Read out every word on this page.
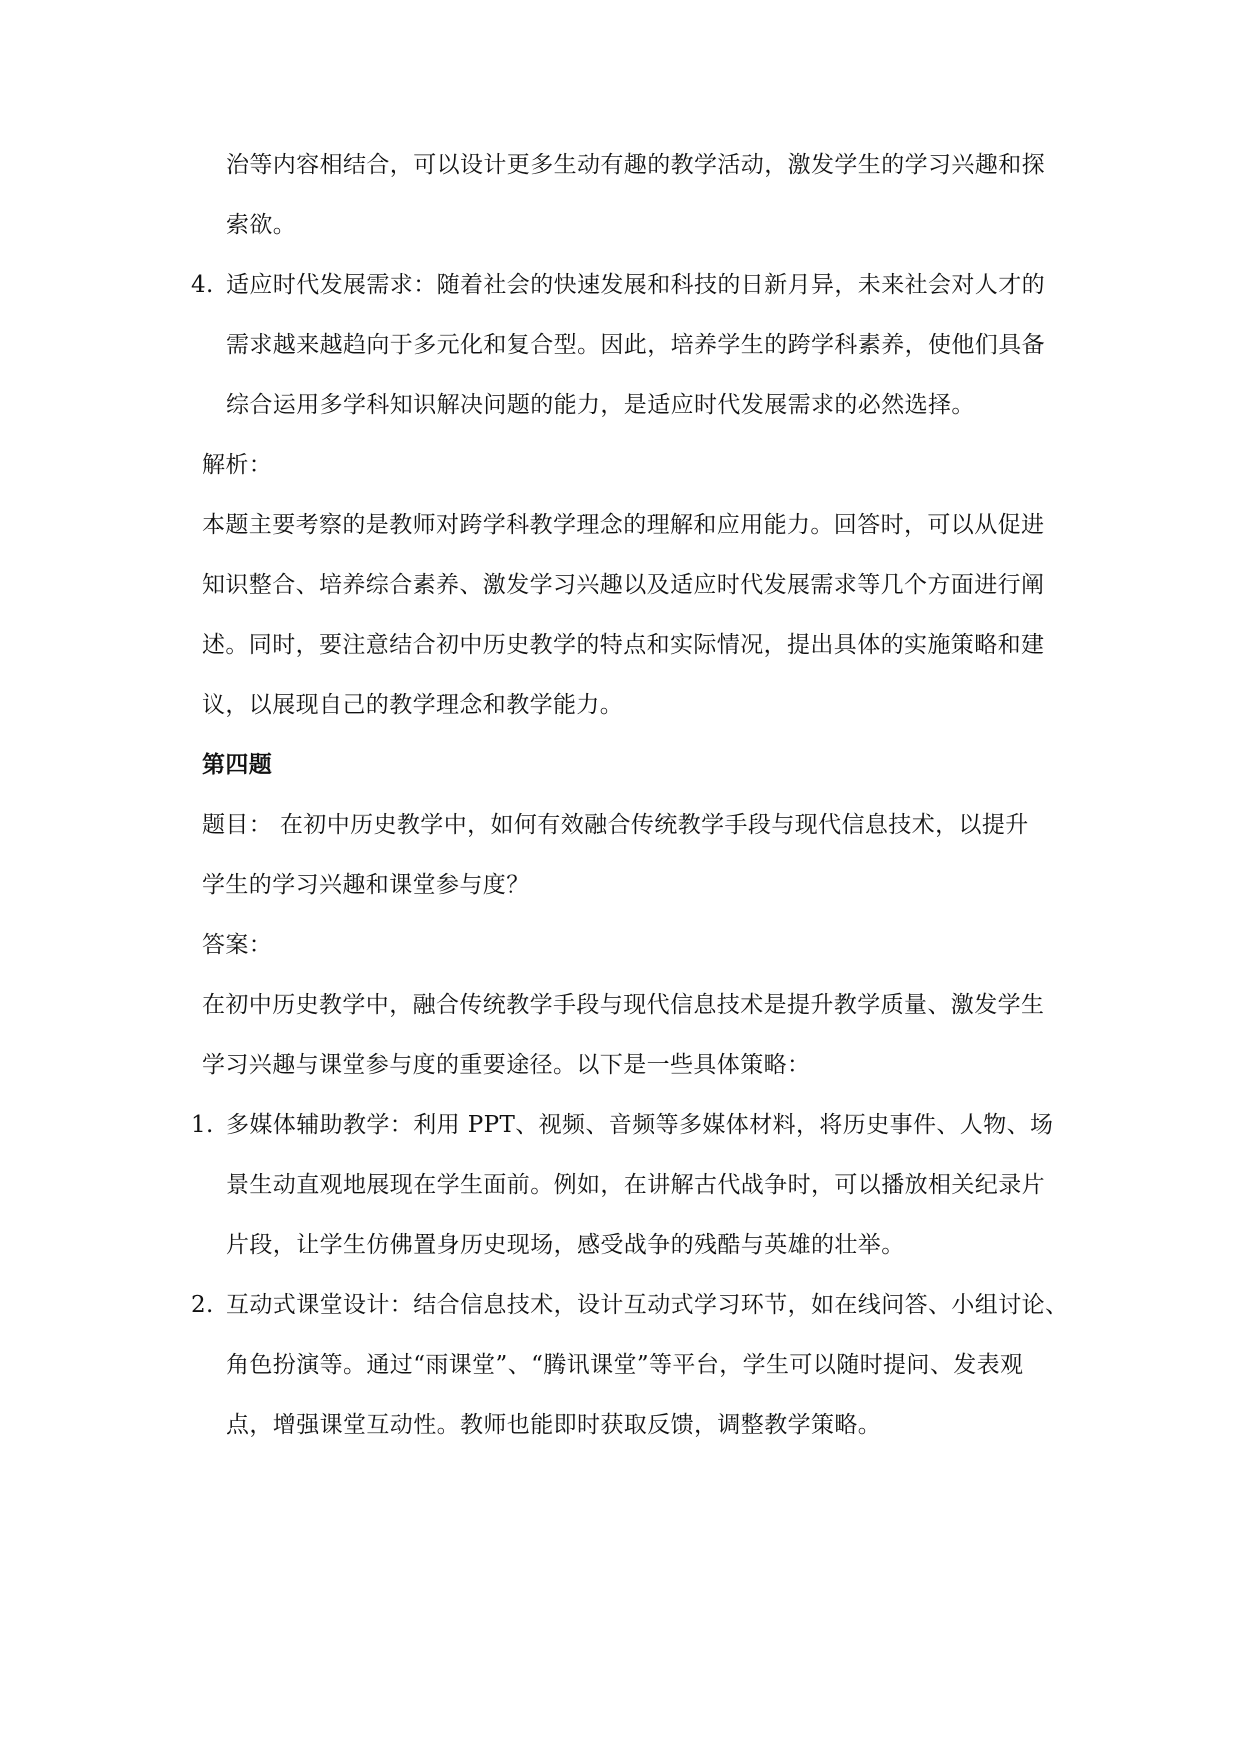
治等内容相结合，可以设计更多生动有趣的教学活动，激发学生的学习兴趣和探
索欲。
4. 适应时代发展需求：随着社会的快速发展和科技的日新月异，未来社会对人才的
需求越来越趋向于多元化和复合型。因此，培养学生的跨学科素养，使他们具备
综合运用多学科知识解决问题的能力，是适应时代发展需求的必然选择。
解析：
本题主要考察的是教师对跨学科教学理念的理解和应用能力。回答时，可以从促进
知识整合、培养综合素养、激发学习兴趣以及适应时代发展需求等几个方面进行阐
述。同时，要注意结合初中历史教学的特点和实际情况，提出具体的实施策略和建
议，以展现自己的教学理念和教学能力。
第四题
题目： 在初中历史教学中，如何有效融合传统教学手段与现代信息技术，以提升
学生的学习兴趣和课堂参与度？
答案：
在初中历史教学中，融合传统教学手段与现代信息技术是提升教学质量、激发学生
学习兴趣与课堂参与度的重要途径。以下是一些具体策略：
1. 多媒体辅助教学：利用 PPT、视频、音频等多媒体材料，将历史事件、人物、场
景生动直观地展现在学生面前。例如，在讲解古代战争时，可以播放相关纪录片
片段，让学生仿佛置身历史现场，感受战争的残酷与英雄的壮举。
2. 互动式课堂设计：结合信息技术，设计互动式学习环节，如在线问答、小组讨论、
角色扮演等。通过“雨课堂”、“腾讯课堂”等平台，学生可以随时提问、发表观
点，增强课堂互动性。教师也能即时获取反馈，调整教学策略。
